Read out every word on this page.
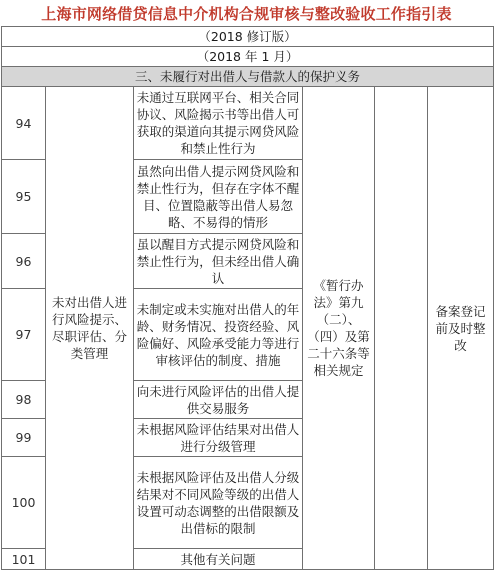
上海市网络借贷信息中介机构合规审核与整改验收工作指引表
（2018 修订版）					
（2018 年 1 月）					
三、未履行对出借人与借款人的保护义务					
94	未对出借人进行风险提示、尽职评估、分类管理	未通过互联网平台、相关合同协议、风险揭示书等出借人可获取的渠道向其提示网贷风险和禁止性行为	《暂行办法》第九（二）、（四）及第二十六条等相关规定		备案登记前及时整改
95		虽然向出借人提示网贷风险和禁止性行为，但存在字体不醒目、位置隐蔽等出借人易忽略、不易得的情形			
96		虽以醒目方式提示网贷风险和禁止性行为，但未经出借人确认			
97		未制定或未实施对出借人的年龄、财务情况、投资经验、风险偏好、风险承受能力等进行审核评估的制度、措施			
98		向未进行风险评估的出借人提供交易服务			
99		未根据风险评估结果对出借人进行分级管理			
100		未根据风险评估及出借人分级结果对不同风险等级的出借人设置可动态调整的出借限额及出借标的限制			
101		其他有关问题			
